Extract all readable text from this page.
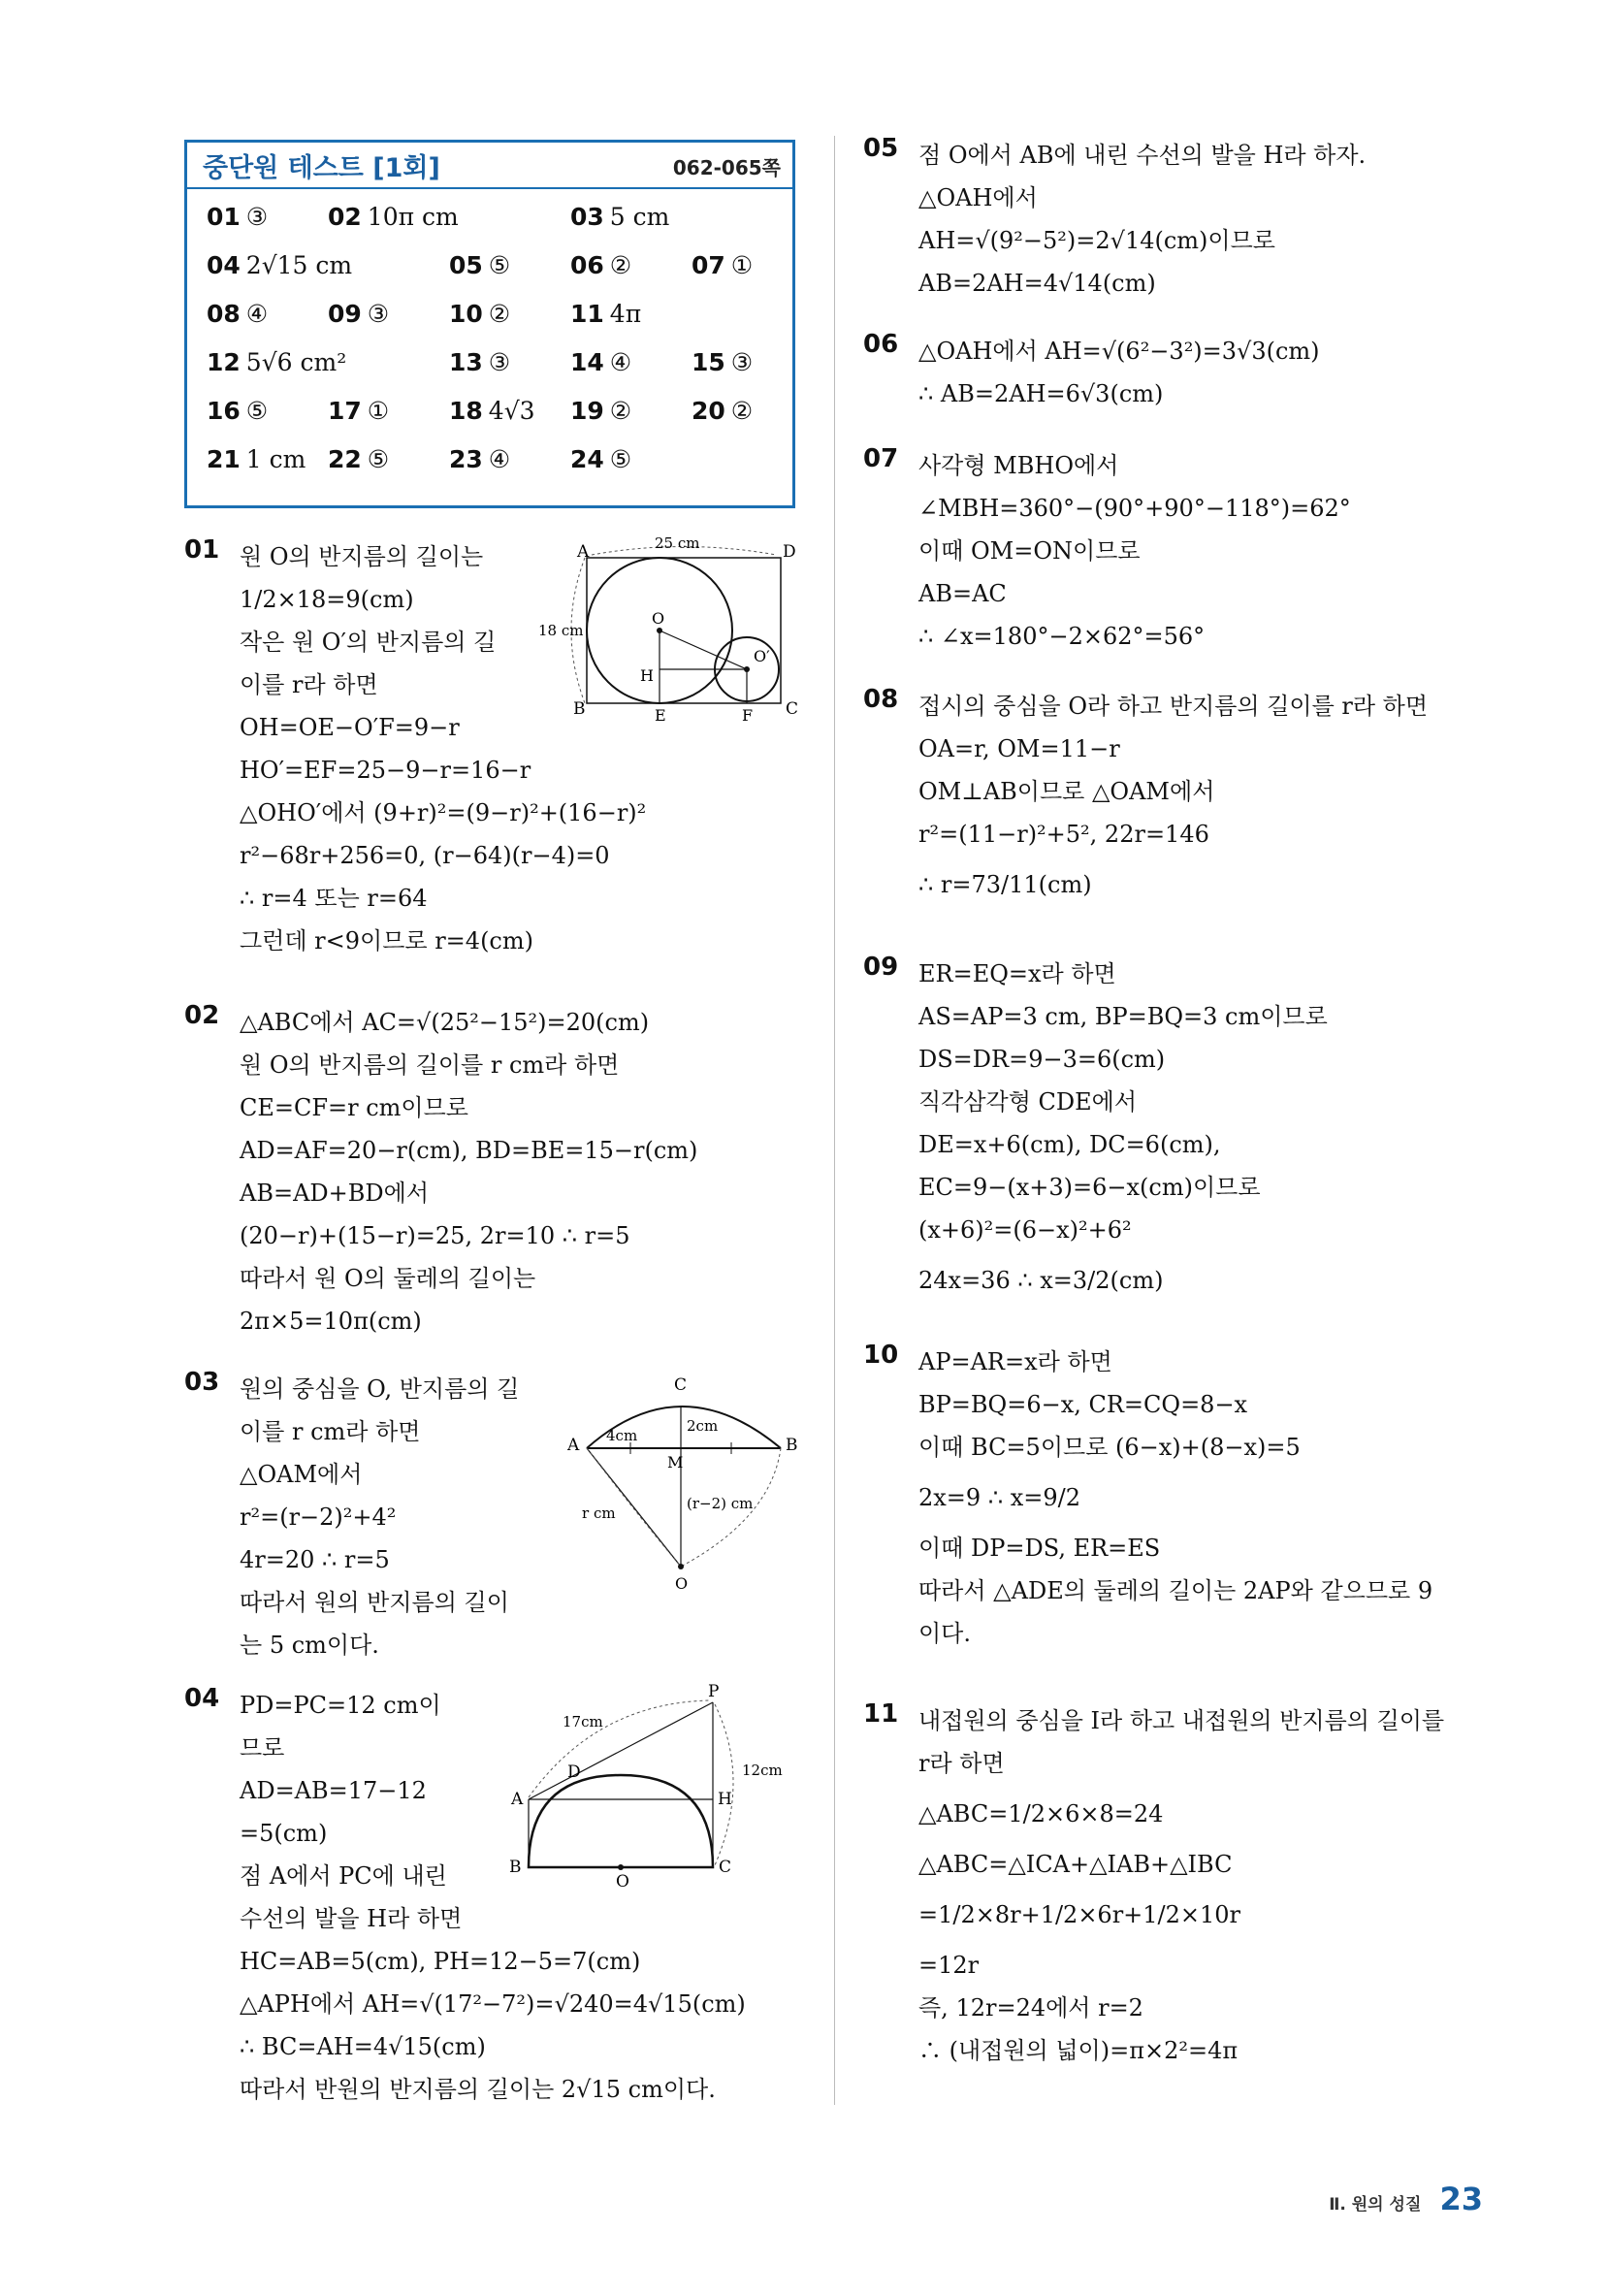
중단원 테스트 [1회]	062-065쪽
01 ③ 02 10π cm	03 5 cm
04 2√15 cm	05 ⑤ 06 ② 07 ①
08 ④ 09 ③ 10 ② 11 4π
12 5√6 cm²	13 ③ 14 ④ 15 ③
16 ⑤ 17 ① 18 4√3 19 ② 20 ②
21 1 cm 22 ⑤ 23 ④ 24 ⑤
01 원 O의 반지름의 길이는
1/2×18=9(cm)
작은 원 O′의 반지름의 길
이를 r라 하면
OH=OE−O′F=9−r
HO′=EF=25−9−r=16−r
△OHO′에서 (9+r)²=(9−r)²+(16−r)²
r²−68r+256=0, (r−64)(r−4)=0
∴ r=4 또는 r=64
그런데 r<9이므로 r=4(cm)
A	D
B	C
O
O′
H
E	F
25 cm
18 cm
02 △ABC에서 AC=√(25²−15²)=20(cm)
원 O의 반지름의 길이를 r cm라 하면
CE=CF=r cm이므로
AD=AF=20−r(cm), BD=BE=15−r(cm)
AB=AD+BD에서
(20−r)+(15−r)=25, 2r=10 ∴ r=5
따라서 원 O의 둘레의 길이는
2π×5=10π(cm)
03 원의 중심을 O, 반지름의 길
이를 r cm라 하면
△OAM에서
r²=(r−2)²+4²
4r=20 ∴ r=5
따라서 원의 반지름의 길이
는 5 cm이다.
C
A	B
M
O
4cm
2cm
r cm
(r−2) cm
04 PD=PC=12 cm이
므로
AD=AB=17−12
=5(cm)
점 A에서 PC에 내린
수선의 발을 H라 하면
HC=AB=5(cm), PH=12−5=7(cm)
△APH에서 AH=√(17²−7²)=√240=4√15(cm)
∴ BC=AH=4√15(cm)
따라서 반원의 반지름의 길이는 2√15 cm이다.
P
D
A	H
B
O
C
17cm
12cm
05 점 O에서 AB에 내린 수선의 발을 H라 하자.
△OAH에서
AH=√(9²−5²)=2√14(cm)이므로
AB=2AH=4√14(cm)
06 △OAH에서 AH=√(6²−3²)=3√3(cm)
∴ AB=2AH=6√3(cm)
07 사각형 MBHO에서
∠MBH=360°−(90°+90°−118°)=62°
이때 OM=ON이므로
AB=AC
∴ ∠x=180°−2×62°=56°
08 접시의 중심을 O라 하고 반지름의 길이를 r라 하면
OA=r, OM=11−r
OM⊥AB이므로 △OAM에서
r²=(11−r)²+5², 22r=146
∴ r=73/11(cm)
09 ER=EQ=x라 하면
AS=AP=3 cm, BP=BQ=3 cm이므로
DS=DR=9−3=6(cm)
직각삼각형 CDE에서
DE=x+6(cm), DC=6(cm),
EC=9−(x+3)=6−x(cm)이므로
(x+6)²=(6−x)²+6²
24x=36 ∴ x=3/2(cm)
10 AP=AR=x라 하면
BP=BQ=6−x, CR=CQ=8−x
이때 BC=5이므로 (6−x)+(8−x)=5
2x=9 ∴ x=9/2
이때 DP=DS, ER=ES
따라서 △ADE의 둘레의 길이는 2AP와 같으므로 9
이다.
11 내접원의 중심을 I라 하고 내접원의 반지름의 길이를
r라 하면
△ABC=1/2×6×8=24
△ABC=△ICA+△IAB+△IBC
=1/2×8r+1/2×6r+1/2×10r
=12r
즉, 12r=24에서 r=2
∴ (내접원의 넓이)=π×2²=4π
Ⅱ. 원의 성질 23
